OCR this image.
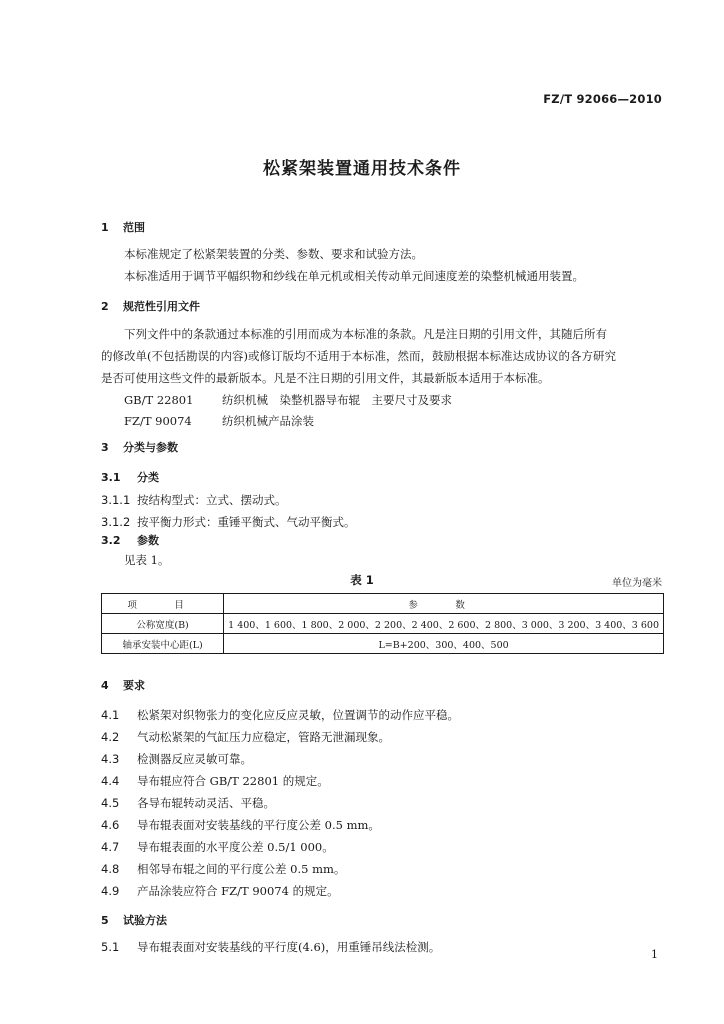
FZ/T 92066—2010
松紧架装置通用技术条件
1 范围
本标准规定了松紧架装置的分类、参数、要求和试验方法。
本标准适用于调节平幅织物和纱线在单元机或相关传动单元间速度差的染整机械通用装置。
2 规范性引用文件
下列文件中的条款通过本标准的引用而成为本标准的条款。凡是注日期的引用文件，其随后所有
的修改单(不包括勘误的内容)或修订版均不适用于本标准，然而，鼓励根据本标准达成协议的各方研究
是否可使用这些文件的最新版本。凡是不注日期的引用文件，其最新版本适用于本标准。
GB/T 22801 纺织机械　染整机器导布辊　主要尺寸及要求
FZ/T 90074	纺织机械产品涂装
3 分类与参数
3.1 分类
3.1.1 按结构型式：立式、摆动式。
3.1.2 按平衡力形式：重锤平衡式、气动平衡式。
3.2 参数
见表 1。
表 1	单位为毫米
项　目	参　数
公称宽度(B)	1 400、1 600、1 800、2 000、2 200、2 400、2 600、2 800、3 000、3 200、3 400、3 600
轴承安装中心距(L)	L=B+200、300、400、500
4 要求
4.1 松紧架对织物张力的变化应反应灵敏，位置调节的动作应平稳。
4.2 气动松紧架的气缸压力应稳定，管路无泄漏现象。
4.3 检测器反应灵敏可靠。
4.4 导布辊应符合 GB/T 22801 的规定。
4.5 各导布辊转动灵活、平稳。
4.6 导布辊表面对安装基线的平行度公差 0.5 mm。
4.7 导布辊表面的水平度公差 0.5/1 000。
4.8 相邻导布辊之间的平行度公差 0.5 mm。
4.9 产品涂装应符合 FZ/T 90074 的规定。
5 试验方法
5.1 导布辊表面对安装基线的平行度(4.6)，用重锤吊线法检测。
1
